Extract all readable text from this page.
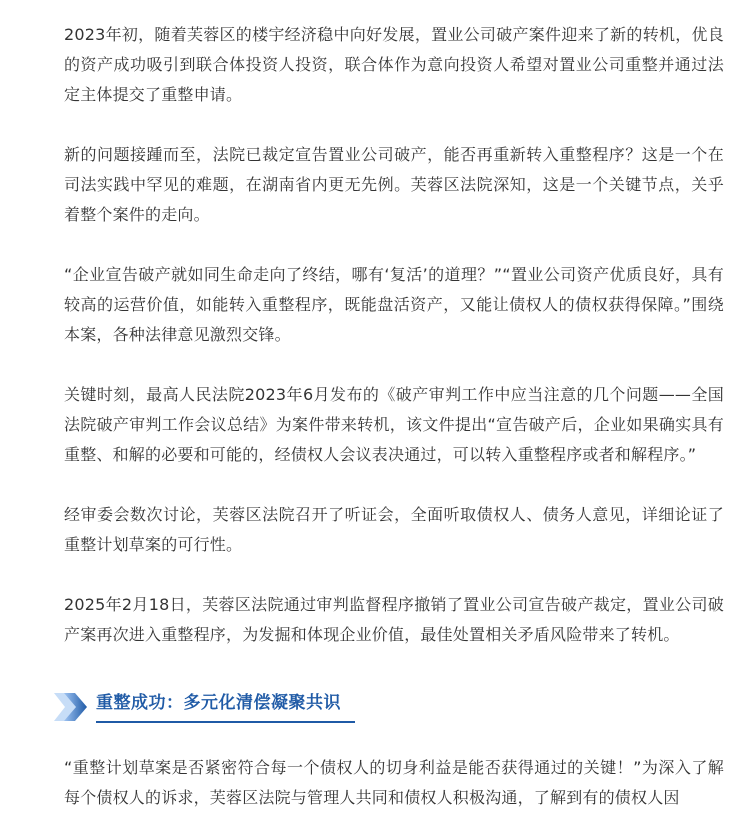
2023年初，随着芙蓉区的楼宇经济稳中向好发展，置业公司破产案件迎来了新的转机，优良的资产成功吸引到联合体投资人投资，联合体作为意向投资人希望对置业公司重整并通过法定主体提交了重整申请。

新的问题接踵而至，法院已裁定宣告置业公司破产，能否再重新转入重整程序？这是一个在司法实践中罕见的难题，在湖南省内更无先例。芙蓉区法院深知，这是一个关键节点，关乎着整个案件的走向。

“企业宣告破产就如同生命走向了终结，哪有‘复活’的道理？”“置业公司资产优质良好，具有较高的运营价值，如能转入重整程序，既能盘活资产，又能让债权人的债权获得保障。”围绕本案，各种法律意见激烈交锋。

关键时刻，最高人民法院2023年6月发布的《破产审判工作中应当注意的几个问题——全国法院破产审判工作会议总结》为案件带来转机，该文件提出“宣告破产后，企业如果确实具有重整、和解的必要和可能的，经债权人会议表决通过，可以转入重整程序或者和解程序。”

经审委会数次讨论，芙蓉区法院召开了听证会，全面听取债权人、债务人意见，详细论证了重整计划草案的可行性。

2025年2月18日，芙蓉区法院通过审判监督程序撤销了置业公司宣告破产裁定，置业公司破产案再次进入重整程序，为发掘和体现企业价值，最佳处置相关矛盾风险带来了转机。

重整成功：多元化清偿凝聚共识

“重整计划草案是否紧密符合每一个债权人的切身利益是能否获得通过的关键！”为深入了解每个债权人的诉求，芙蓉区法院与管理人共同和债权人积极沟通，了解到有的债权人因
